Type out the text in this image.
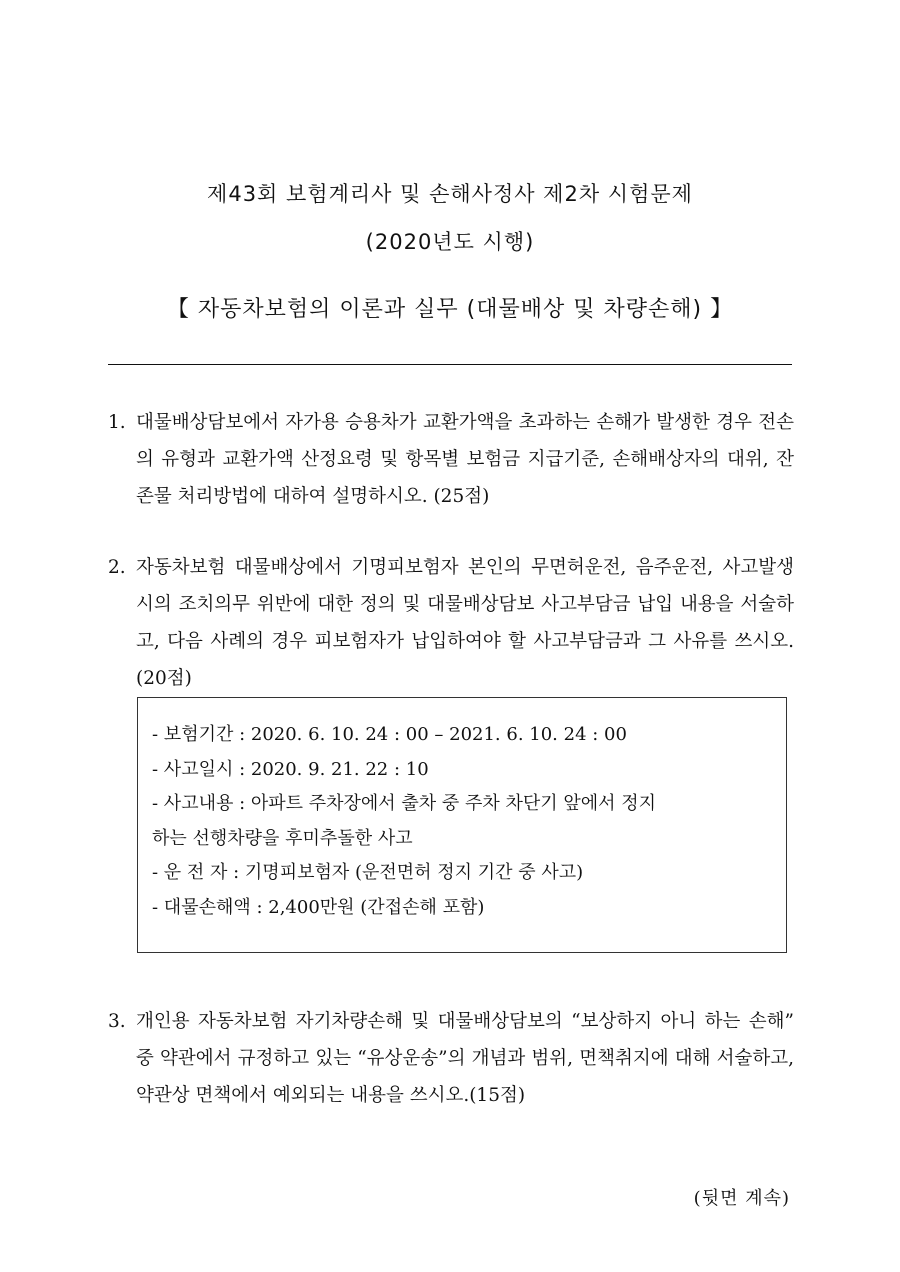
제43회 보험계리사 및 손해사정사 제2차 시험문제
(2020년도 시행)
【 자동차보험의 이론과 실무 (대물배상 및 차량손해) 】
1. 대물배상담보에서 자가용 승용차가 교환가액을 초과하는 손해가 발생한 경우 전손의 유형과 교환가액 산정요령 및 항목별 보험금 지급기준, 손해배상자의 대위, 잔존물 처리방법에 대하여 설명하시오. (25점)
2. 자동차보험 대물배상에서 기명피보험자 본인의 무면허운전, 음주운전, 사고발생 시의 조치의무 위반에 대한 정의 및 대물배상담보 사고부담금 납입 내용을 서술하고, 다음 사례의 경우 피보험자가 납입하여야 할 사고부담금과 그 사유를 쓰시오. (20점)
- 보험기간 : 2020. 6. 10. 24 : 00 – 2021. 6. 10. 24 : 00
- 사고일시 : 2020. 9. 21. 22 : 10
- 사고내용 : 아파트 주차장에서 출차 중 주차 차단기 앞에서 정지
하는 선행차량을 후미추돌한 사고
- 운 전 자 : 기명피보험자 (운전면허 정지 기간 중 사고)
- 대물손해액 : 2,400만원 (간접손해 포함)
3. 개인용 자동차보험 자기차량손해 및 대물배상담보의 “보상하지 아니 하는 손해” 중 약관에서 규정하고 있는 “유상운송”의 개념과 범위, 면책취지에 대해 서술하고, 약관상 면책에서 예외되는 내용을 쓰시오.(15점)
(뒷면 계속)
